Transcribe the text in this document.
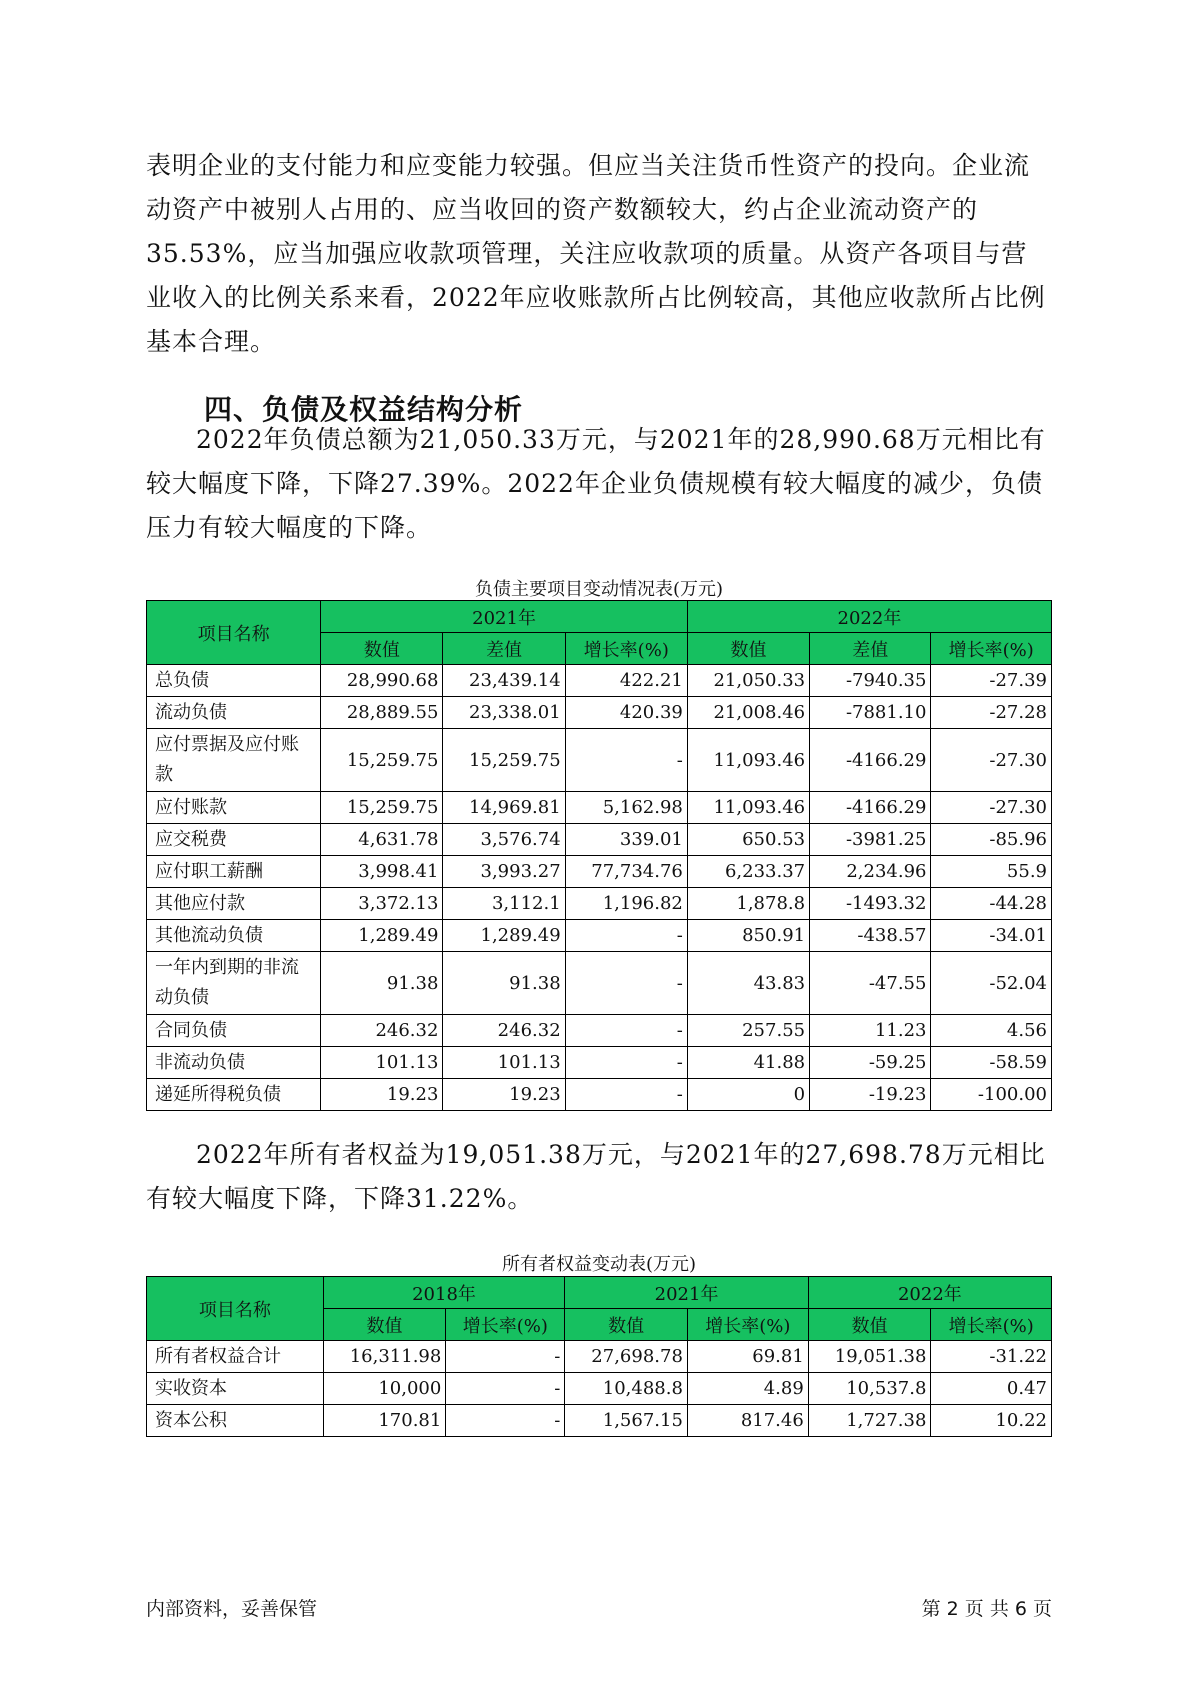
表明企业的支付能力和应变能力较强。但应当关注货币性资产的投向。企业流动资产中被别人占用的、应当收回的资产数额较大，约占企业流动资产的35.53%，应当加强应收款项管理，关注应收款项的质量。从资产各项目与营业收入的比例关系来看，2022年应收账款所占比例较高，其他应收款所占比例基本合理。

四、负债及权益结构分析

2022年负债总额为21,050.33万元，与2021年的28,990.68万元相比有较大幅度下降，下降27.39%。2022年企业负债规模有较大幅度的减少，负债压力有较大幅度的下降。

负债主要项目变动情况表(万元)

项目名称	2021年			2022年		
	数值	差值	增长率(%)	数值	差值	增长率(%)
总负债	28,990.68	23,439.14	422.21	21,050.33	-7940.35	-27.39
流动负债	28,889.55	23,338.01	420.39	21,008.46	-7881.10	-27.28
应付票据及应付账款	15,259.75	15,259.75	-	11,093.46	-4166.29	-27.30
应付账款	15,259.75	14,969.81	5,162.98	11,093.46	-4166.29	-27.30
应交税费	4,631.78	3,576.74	339.01	650.53	-3981.25	-85.96
应付职工薪酬	3,998.41	3,993.27	77,734.76	6,233.37	2,234.96	55.9
其他应付款	3,372.13	3,112.1	1,196.82	1,878.8	-1493.32	-44.28
其他流动负债	1,289.49	1,289.49	-	850.91	-438.57	-34.01
一年内到期的非流动负债	91.38	91.38	-	43.83	-47.55	-52.04
合同负债	246.32	246.32	-	257.55	11.23	4.56
非流动负债	101.13	101.13	-	41.88	-59.25	-58.59
递延所得税负债	19.23	19.23	-	0	-19.23	-100.00

2022年所有者权益为19,051.38万元，与2021年的27,698.78万元相比有较大幅度下降，下降31.22%。

所有者权益变动表(万元)

项目名称	2018年		2021年		2022年	
	数值	增长率(%)	数值	增长率(%)	数值	增长率(%)
所有者权益合计	16,311.98	-	27,698.78	69.81	19,051.38	-31.22
实收资本	10,000	-	10,488.8	4.89	10,537.8	0.47
资本公积	170.81	-	1,567.15	817.46	1,727.38	10.22

内部资料，妥善保管	第 2 页 共 6 页
